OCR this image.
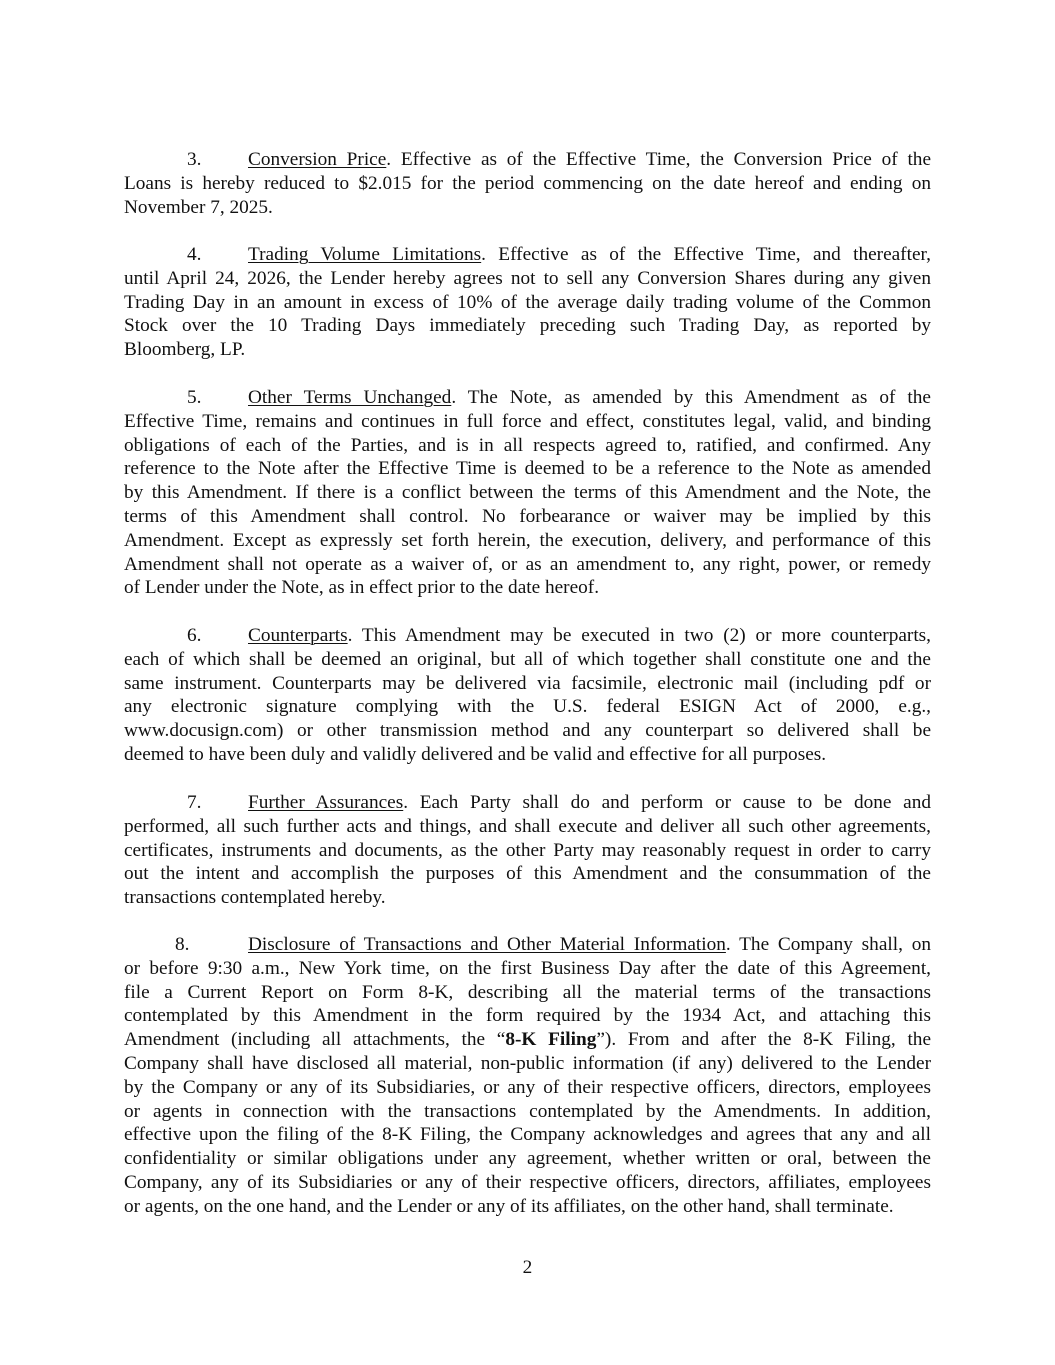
3.	Conversion Price. Effective as of the Effective Time, the Conversion Price of the
Loans is hereby reduced to $2.015 for the period commencing on the date hereof and ending on
November 7, 2025.
4.	Trading Volume Limitations. Effective as of the Effective Time, and thereafter,
until April 24, 2026, the Lender hereby agrees not to sell any Conversion Shares during any given
Trading Day in an amount in excess of 10% of the average daily trading volume of the Common
Stock over the 10 Trading Days immediately preceding such Trading Day, as reported by
Bloomberg, LP.
5.	Other Terms Unchanged. The Note, as amended by this Amendment as of the
Effective Time, remains and continues in full force and effect, constitutes legal, valid, and binding
obligations of each of the Parties, and is in all respects agreed to, ratified, and confirmed. Any
reference to the Note after the Effective Time is deemed to be a reference to the Note as amended
by this Amendment. If there is a conflict between the terms of this Amendment and the Note, the
terms of this Amendment shall control. No forbearance or waiver may be implied by this
Amendment. Except as expressly set forth herein, the execution, delivery, and performance of this
Amendment shall not operate as a waiver of, or as an amendment to, any right, power, or remedy
of Lender under the Note, as in effect prior to the date hereof.
6.	Counterparts. This Amendment may be executed in two (2) or more counterparts,
each of which shall be deemed an original, but all of which together shall constitute one and the
same instrument. Counterparts may be delivered via facsimile, electronic mail (including pdf or
any electronic signature complying with the U.S. federal ESIGN Act of 2000, e.g.,
www.docusign.com) or other transmission method and any counterpart so delivered shall be
deemed to have been duly and validly delivered and be valid and effective for all purposes.
7.	Further Assurances. Each Party shall do and perform or cause to be done and
performed, all such further acts and things, and shall execute and deliver all such other agreements,
certificates, instruments and documents, as the other Party may reasonably request in order to carry
out the intent and accomplish the purposes of this Amendment and the consummation of the
transactions contemplated hereby.
8.	Disclosure of Transactions and Other Material Information. The Company shall, on
or before 9:30 a.m., New York time, on the first Business Day after the date of this Agreement,
file a Current Report on Form 8-K, describing all the material terms of the transactions
contemplated by this Amendment in the form required by the 1934 Act, and attaching this
Amendment (including all attachments, the “8-K Filing”). From and after the 8-K Filing, the
Company shall have disclosed all material, non-public information (if any) delivered to the Lender
by the Company or any of its Subsidiaries, or any of their respective officers, directors, employees
or agents in connection with the transactions contemplated by the Amendments. In addition,
effective upon the filing of the 8-K Filing, the Company acknowledges and agrees that any and all
confidentiality or similar obligations under any agreement, whether written or oral, between the
Company, any of its Subsidiaries or any of their respective officers, directors, affiliates, employees
or agents, on the one hand, and the Lender or any of its affiliates, on the other hand, shall terminate.
2
